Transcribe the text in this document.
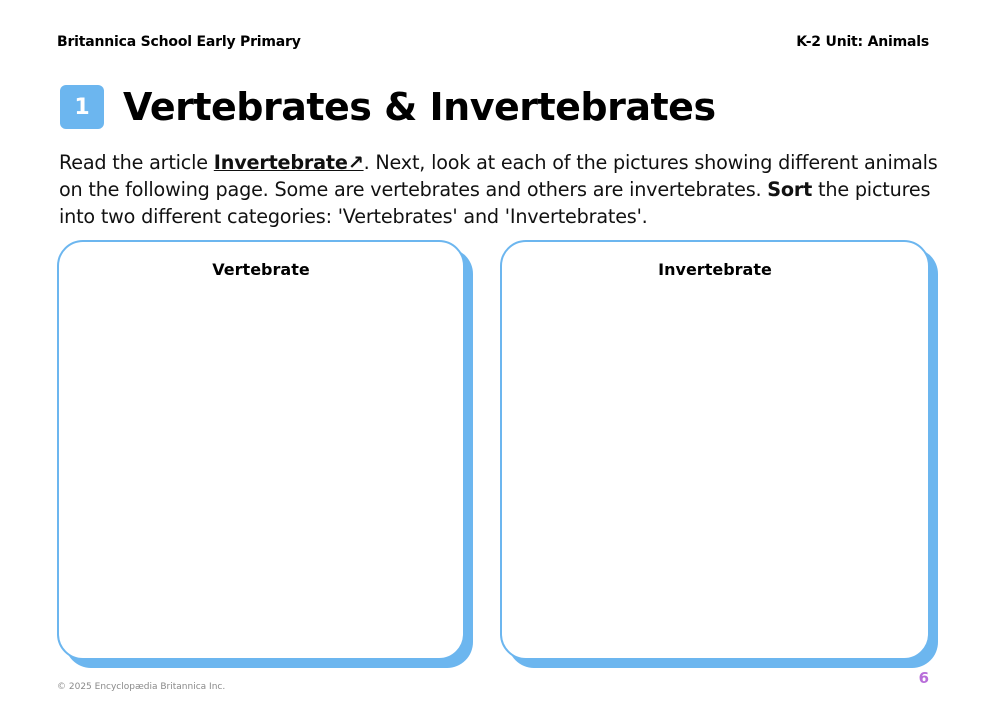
Britannica School Early Primary	K-2 Unit: Animals
1 Vertebrates & Invertebrates

Read the article Invertebrate↗. Next, look at each of the pictures showing different animals on the following page. Some are vertebrates and others are invertebrates. Sort the pictures into two different categories: 'Vertebrates' and 'Invertebrates'.

Vertebrate	Invertebrate
© 2025 Encyclopædia Britannica Inc.	6
